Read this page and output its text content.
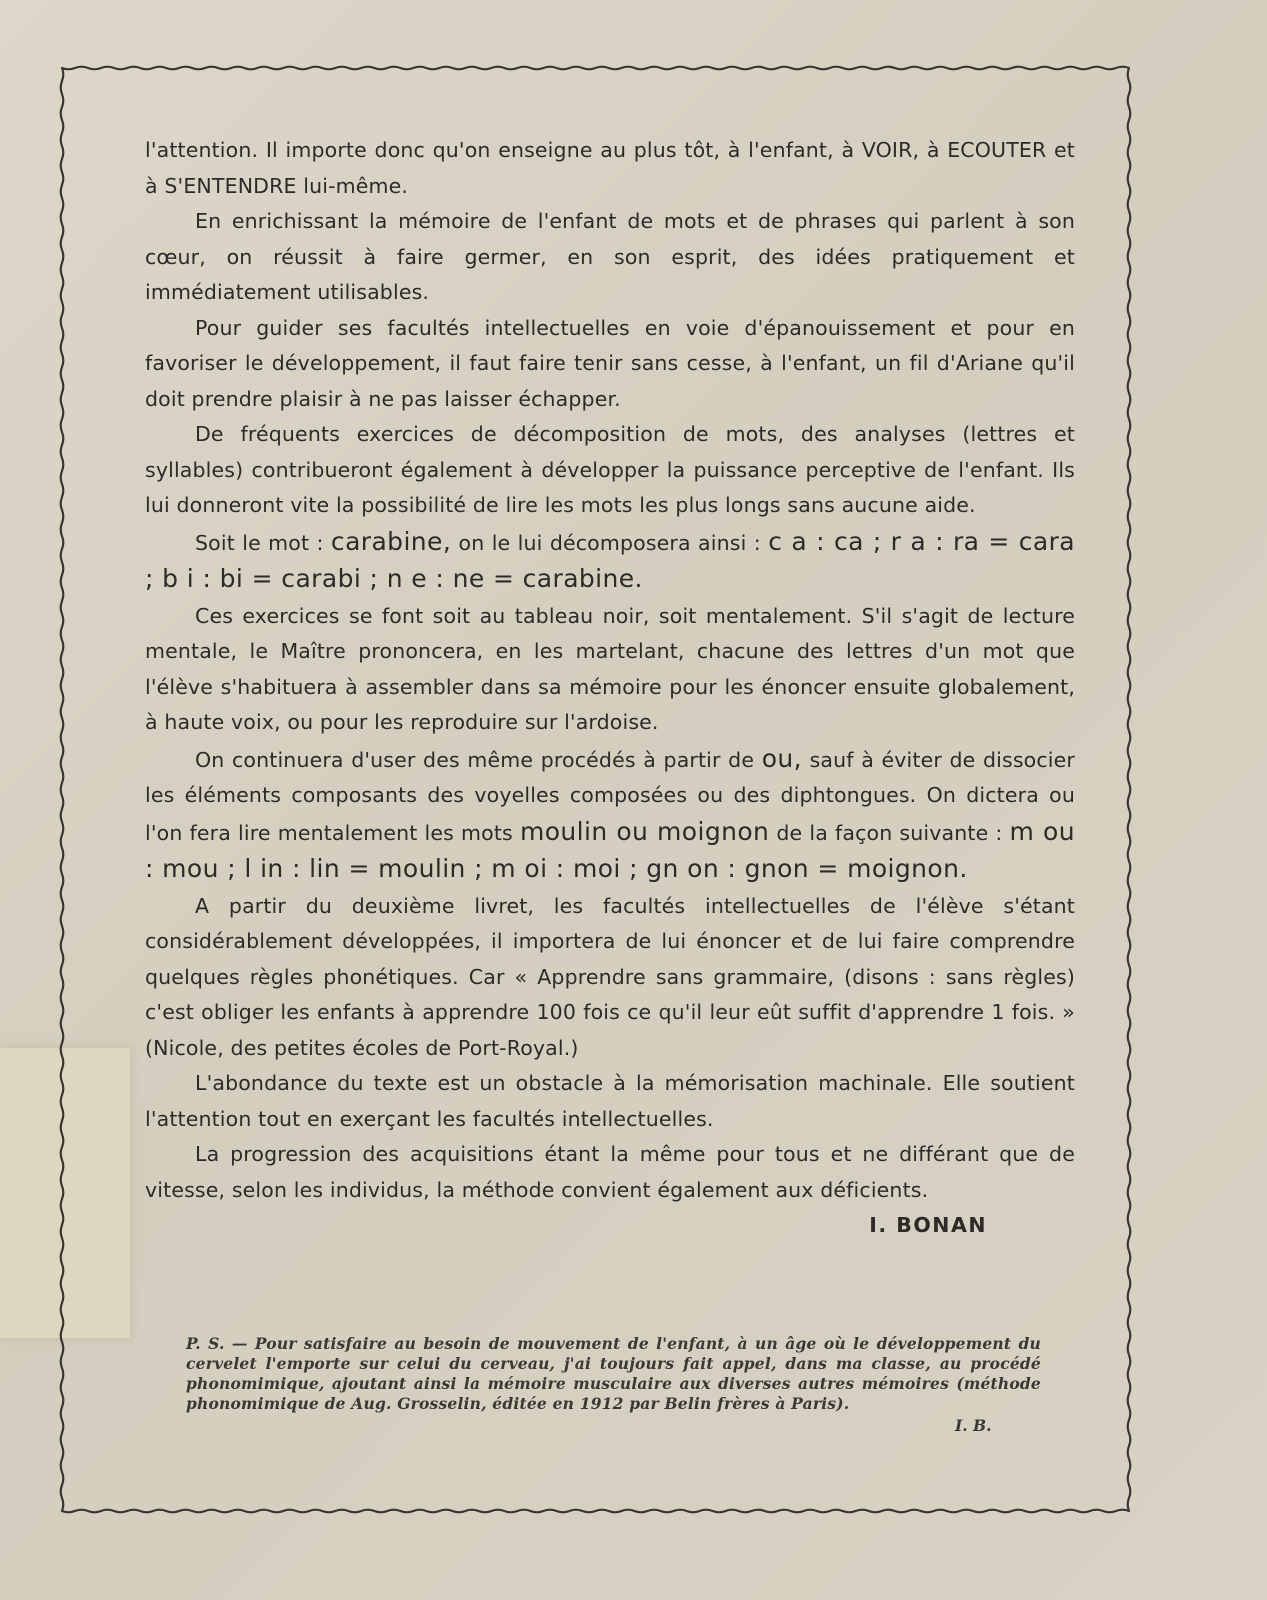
l'attention. Il importe donc qu'on enseigne au plus tôt, à l'enfant, à VOIR, à ECOUTER et à S'ENTENDRE lui-même.

En enrichissant la mémoire de l'enfant de mots et de phrases qui parlent à son cœur, on réussit à faire germer, en son esprit, des idées pratiquement et immédiatement utilisables.

Pour guider ses facultés intellectuelles en voie d'épanouissement et pour en favoriser le développement, il faut faire tenir sans cesse, à l'enfant, un fil d'Ariane qu'il doit prendre plaisir à ne pas laisser échapper.

De fréquents exercices de décomposition de mots, des analyses (lettres et syllables) contribueront également à développer la puissance perceptive de l'enfant. Ils lui donneront vite la possibilité de lire les mots les plus longs sans aucune aide.

Soit le mot : carabine, on le lui décomposera ainsi : c a : ca ; r a : ra = cara ; b i : bi = carabi ; n e : ne = carabine.

Ces exercices se font soit au tableau noir, soit mentalement. S'il s'agit de lecture mentale, le Maître prononcera, en les martelant, chacune des lettres d'un mot que l'élève s'habituera à assembler dans sa mémoire pour les énoncer ensuite globalement, à haute voix, ou pour les reproduire sur l'ardoise.

On continuera d'user des même procédés à partir de ou, sauf à éviter de dissocier les éléments composants des voyelles composées ou des diphtongues. On dictera ou l'on fera lire mentalement les mots moulin ou moignon de la façon suivante : m ou : mou ; l in : lin = moulin ; m oi : moi ; gn on : gnon = moignon.

A partir du deuxième livret, les facultés intellectuelles de l'élève s'étant considérablement développées, il importera de lui énoncer et de lui faire comprendre quelques règles phonétiques. Car « Apprendre sans grammaire, (disons : sans règles) c'est obliger les enfants à apprendre 100 fois ce qu'il leur eût suffit d'apprendre 1 fois. » (Nicole, des petites écoles de Port-Royal.)

L'abondance du texte est un obstacle à la mémorisation machinale. Elle soutient l'attention tout en exerçant les facultés intellectuelles.

La progression des acquisitions étant la même pour tous et ne différant que de vitesse, selon les individus, la méthode convient également aux déficients.

I. BONAN

P. S. — Pour satisfaire au besoin de mouvement de l'enfant, à un âge où le développement du cervelet l'emporte sur celui du cerveau, j'ai toujours fait appel, dans ma classe, au procédé phonomimique, ajoutant ainsi la mémoire musculaire aux diverses autres mémoires (méthode phonomimique de Aug. Grosselin, éditée en 1912 par Belin frères à Paris).
I. B.
